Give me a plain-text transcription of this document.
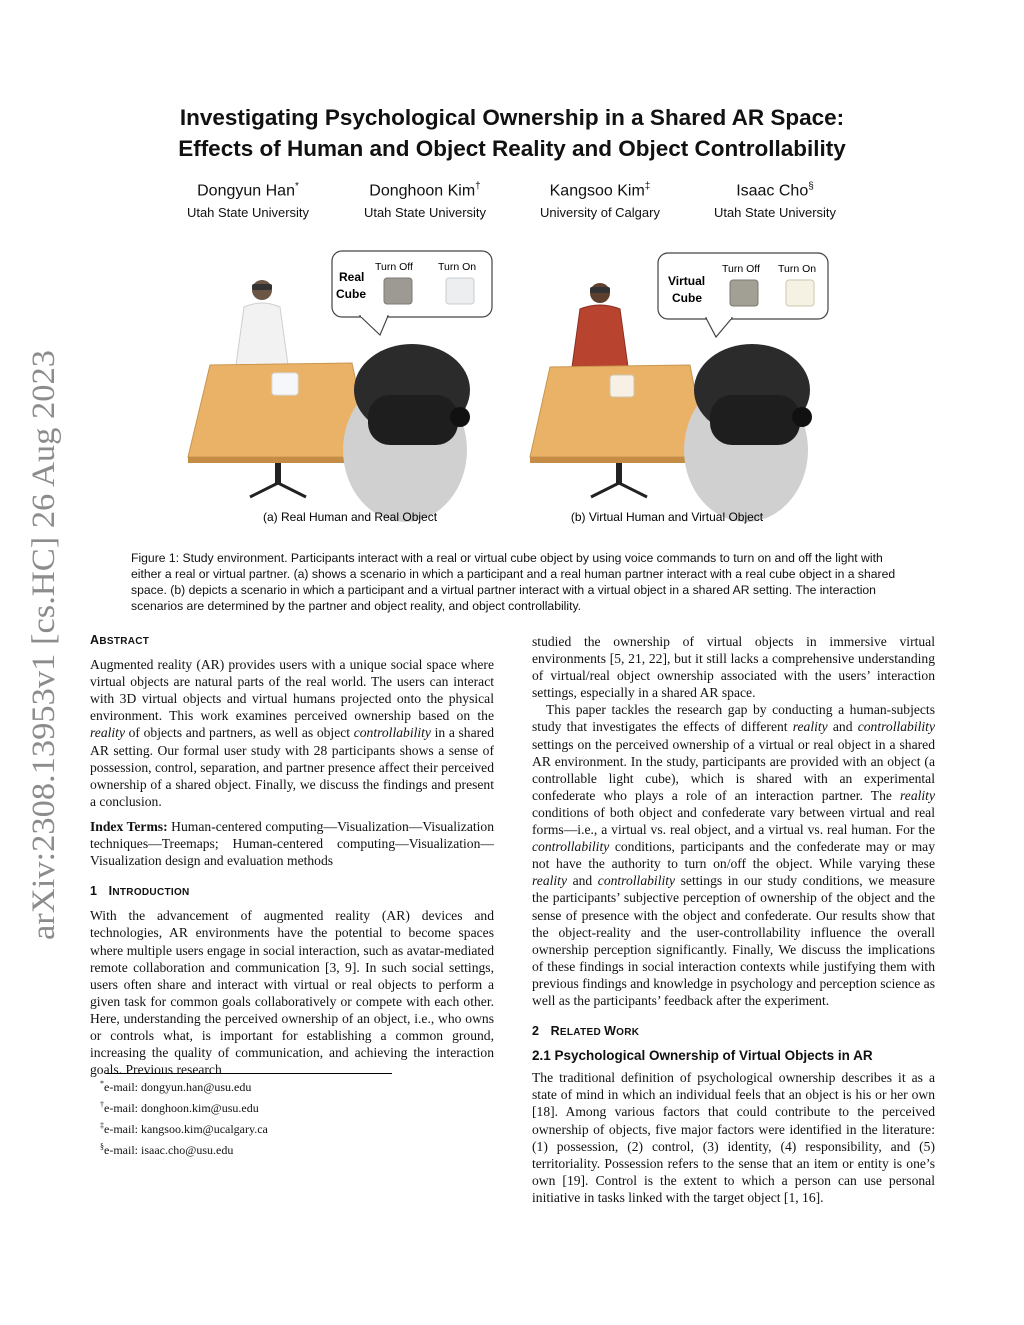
arXiv:2308.13953v1 [cs.HC] 26 Aug 2023
Investigating Psychological Ownership in a Shared AR Space:
Effects of Human and Object Reality and Object Controllability
Dongyun Han*
Utah State University
Donghoon Kim†
Utah State University
Kangsoo Kim‡
University of Calgary
Isaac Cho§
Utah State University
Real
Cube
Turn Off Turn On
(a) Real Human and Real Object
Virtual
Cube
Turn Off Turn On
(b) Virtual Human and Virtual Object
Figure 1: Study environment. Participants interact with a real or virtual cube object by using voice commands to turn on and off the light with either a real or virtual partner. (a) shows a scenario in which a participant and a real human partner interact with a real cube object in a shared space. (b) depicts a scenario in which a participant and a virtual partner interact with a virtual object in a shared AR setting. The interaction scenarios are determined by the partner and object reality, and object controllability.
ABSTRACT

Augmented reality (AR) provides users with a unique social space where virtual objects are natural parts of the real world. The users can interact with 3D virtual objects and virtual humans projected onto the physical environment. This work examines perceived ownership based on the reality of objects and partners, as well as object controllability in a shared AR setting. Our formal user study with 28 participants shows a sense of possession, control, separation, and partner presence affect their perceived ownership of a shared object. Finally, we discuss the findings and present a conclusion.

Index Terms: Human-centered computing—Visualization—Visualization techniques—Treemaps; Human-centered computing—Visualization—Visualization design and evaluation methods

1 INTRODUCTION

With the advancement of augmented reality (AR) devices and technologies, AR environments have the potential to become spaces where multiple users engage in social interaction, such as avatar-mediated remote collaboration and communication [3, 9]. In such social settings, users often share and interact with virtual or real objects to perform a given task for common goals collaboratively or compete with each other. Here, understanding the perceived ownership of an object, i.e., who owns or controls what, is important for establishing a common ground, increasing the quality of communication, and achieving the interaction goals. Previous research

*e-mail: dongyun.han@usu.edu
†e-mail: donghoon.kim@usu.edu
‡e-mail: kangsoo.kim@ucalgary.ca
§e-mail: isaac.cho@usu.edu

studied the ownership of virtual objects in immersive virtual environments [5, 21, 22], but it still lacks a comprehensive understanding of virtual/real object ownership associated with the users’ interaction settings, especially in a shared AR space.

This paper tackles the research gap by conducting a human-subjects study that investigates the effects of different reality and controllability settings on the perceived ownership of a virtual or real object in a shared AR environment. In the study, participants are provided with an object (a controllable light cube), which is shared with an experimental confederate who plays a role of an interaction partner. The reality conditions of both object and confederate vary between virtual and real forms—i.e., a virtual vs. real object, and a virtual vs. real human. For the controllability conditions, participants and the confederate may or may not have the authority to turn on/off the object. While varying these reality and controllability settings in our study conditions, we measure the participants’ subjective perception of ownership of the object and the sense of presence with the object and confederate. Our results show that the object-reality and the user-controllability influence the overall ownership perception significantly. Finally, We discuss the implications of these findings in social interaction contexts while justifying them with previous findings and knowledge in psychology and perception science as well as the participants’ feedback after the experiment.

2 RELATED WORK
2.1 Psychological Ownership of Virtual Objects in AR

The traditional definition of psychological ownership describes it as a state of mind in which an individual feels that an object is his or her own [18]. Among various factors that could contribute to the perceived ownership of objects, five major factors were identified in the literature: (1) possession, (2) control, (3) identity, (4) responsibility, and (5) territoriality. Possession refers to the sense that an item or entity is one’s own [19]. Control is the extent to which a person can use personal initiative in tasks linked with the target object [1, 16].
